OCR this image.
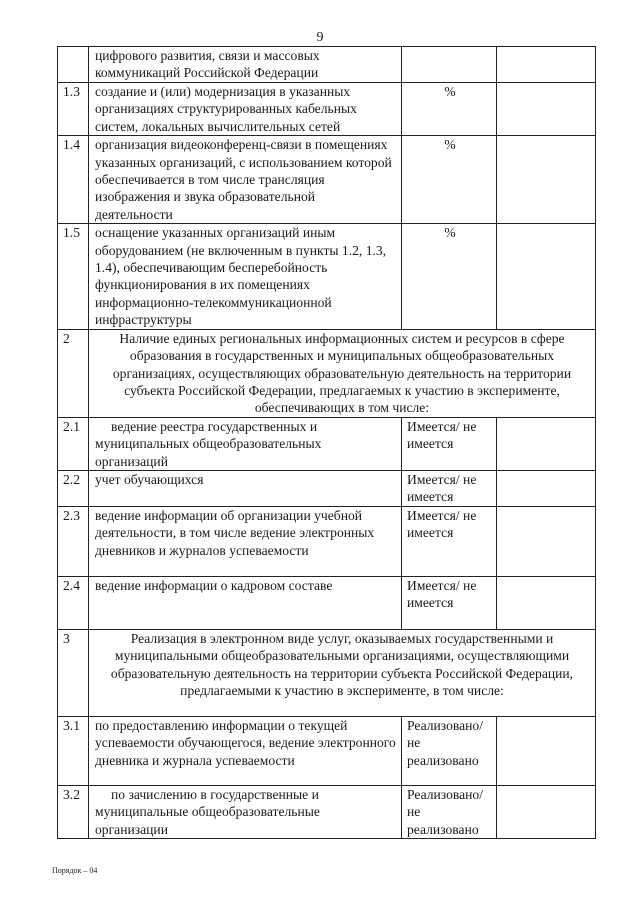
9
	цифрового развития, связи и массовых коммуникаций Российской Федерации		
1.3	создание и (или) модернизация в указанных организациях структурированных кабельных систем, локальных вычислительных сетей	%	
1.4	организация видеоконференц-связи в помещениях указанных организаций, с использованием которой обеспечивается в том числе трансляция изображения и звука образовательной деятельности	%	
1.5	оснащение указанных организаций иным оборудованием (не включенным в пункты 1.2, 1.3, 1.4), обеспечивающим бесперебойность функционирования в их помещениях информационно-телекоммуникационной инфраструктуры	%	
2	Наличие единых региональных информационных систем и ресурсов в сфере образования в государственных и муниципальных общеобразовательных организациях, осуществляющих образовательную деятельность на территории субъекта Российской Федерации, предлагаемых к участию в эксперименте, обеспечивающих в том числе:		
2.1	ведение реестра государственных и муниципальных общеобразовательных организаций	Имеется/ не имеется	
2.2	учет обучающихся	Имеется/ не имеется	
2.3	ведение информации об организации учебной деятельности, в том числе ведение электронных дневников и журналов успеваемости	Имеется/ не имеется	
2.4	ведение информации о кадровом составе	Имеется/ не имеется	
3	Реализация в электронном виде услуг, оказываемых государственными и муниципальными общеобразовательными организациями, осуществляющими образовательную деятельность на территории субъекта Российской Федерации, предлагаемыми к участию в эксперименте, в том числе:		
3.1	по предоставлению информации о текущей успеваемости обучающегося, ведение электронного дневника и журнала успеваемости	Реализовано/ не реализовано	
3.2	по зачислению в государственные и муниципальные общеобразовательные организации	Реализовано/ не реализовано	
Порядок – 04
